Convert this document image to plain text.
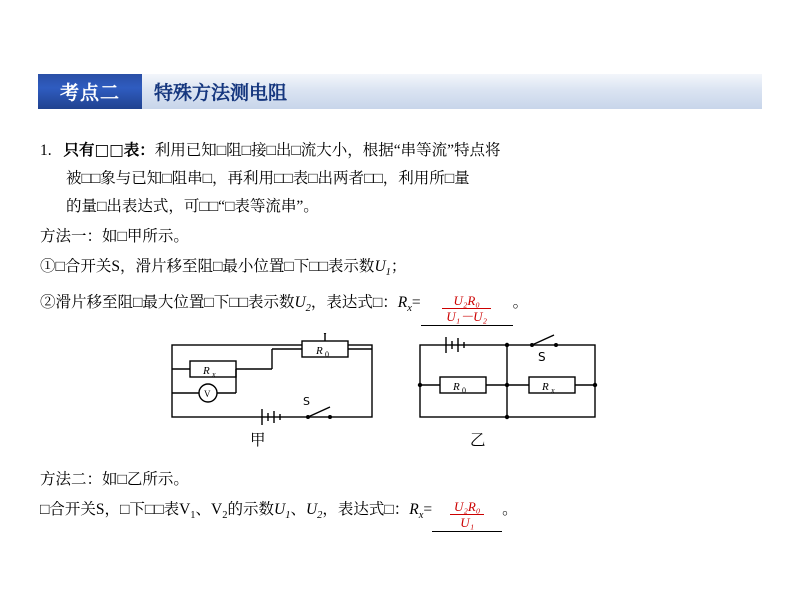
考点二	特殊方法测电阻
1. 只有□□表：利用已知□阻□接□出□流大小，根据“串等流”特点将
被□□象与已知□阻串□，再利用□□表□出两者□□，利用所□量
的量□出表达式，可□□“□表等流串”。
方法一：如□甲所示。
①□合开关S，滑片移至阻□最小位置□下□□表示数$U_1$；
②滑片移至阻□最大位置□下□□表示数$U_2$，表达式□：$R_x= \frac{\text{U₂R₀}}{\text{U₁－U₂}}$ 。
R x
R 0
V
S
R 0	R x
S
甲	乙
方法二：如□乙所示。
□合开关S，□下□□表$V_1$、$V_2$的示数$U_1$、$U_2$，表达式□：$R_x= \frac{\text{U₂R₀}}{\text{U₁}}$ 。
